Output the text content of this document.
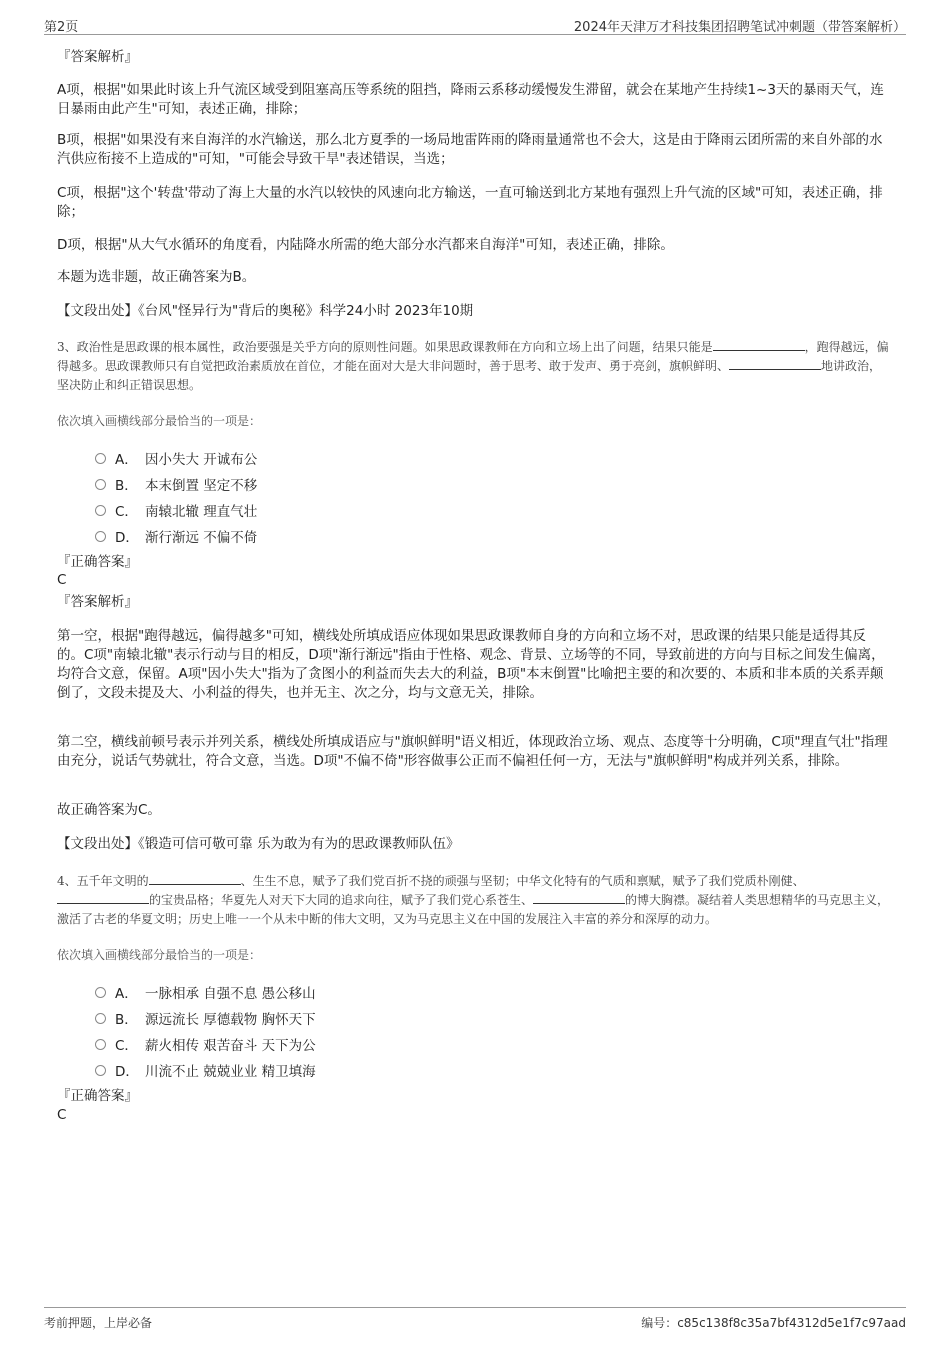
第2页	2024年天津万才科技集团招聘笔试冲刺题（带答案解析）
『答案解析』
A项，根据"如果此时该上升气流区域受到阻塞高压等系统的阻挡，降雨云系移动缓慢发生滞留，就会在某地产生持续1~3天的暴雨天气，连日暴雨由此产生"可知，表述正确，排除；
B项，根据"如果没有来自海洋的水汽输送，那么北方夏季的一场局地雷阵雨的降雨量通常也不会大，这是由于降雨云团所需的来自外部的水汽供应衔接不上造成的"可知，"可能会导致干旱"表述错误，当选；
C项，根据"这个'转盘'带动了海上大量的水汽以较快的风速向北方输送，一直可输送到北方某地有强烈上升气流的区域"可知，表述正确，排除；
D项，根据"从大气水循环的角度看，内陆降水所需的绝大部分水汽都来自海洋"可知，表述正确，排除。
本题为选非题，故正确答案为B。
【文段出处】《台风"怪异行为"背后的奥秘》科学24小时 2023年10期
3、政治性是思政课的根本属性，政治要强是关乎方向的原则性问题。如果思政课教师在方向和立场上出了问题，结果只能是	，跑得越远，偏得越多。思政课教师只有自觉把政治素质放在首位，才能在面对大是大非问题时，善于思考、敢于发声、勇于亮剑，旗帜鲜明、	地讲政治，坚决防止和纠正错误思想。
依次填入画横线部分最恰当的一项是：
A． 因小失大 开诚布公
B． 本末倒置 坚定不移
C． 南辕北辙 理直气壮
D． 渐行渐远 不偏不倚
『正确答案』
C
『答案解析』
第一空，根据"跑得越远，偏得越多"可知，横线处所填成语应体现如果思政课教师自身的方向和立场不对，思政课的结果只能是适得其反的。C项"南辕北辙"表示行动与目的相反，D项"渐行渐远"指由于性格、观念、背景、立场等的不同，导致前进的方向与目标之间发生偏离，均符合文意，保留。A项"因小失大"指为了贪图小的利益而失去大的利益，B项"本末倒置"比喻把主要的和次要的、本质和非本质的关系弄颠倒了，文段未提及大、小利益的得失，也并无主、次之分，均与文意无关，排除。
第二空，横线前顿号表示并列关系，横线处所填成语应与"旗帜鲜明"语义相近，体现政治立场、观点、态度等十分明确，C项"理直气壮"指理由充分，说话气势就壮，符合文意，当选。D项"不偏不倚"形容做事公正而不偏袒任何一方，无法与"旗帜鲜明"构成并列关系，排除。
故正确答案为C。
【文段出处】《锻造可信可敬可靠 乐为敢为有为的思政课教师队伍》
4、五千年文明的	、生生不息，赋予了我们党百折不挠的顽强与坚韧；中华文化特有的气质和禀赋，赋予了我们党质朴刚健、的宝贵品格；华夏先人对天下大同的追求向往，赋予了我们党心系苍生、	的博大胸襟。凝结着人类思想精华的马克思主义，激活了古老的华夏文明；历史上唯一一个从未中断的伟大文明，又为马克思主义在中国的发展注入丰富的养分和深厚的动力。
依次填入画横线部分最恰当的一项是：
A． 一脉相承 自强不息 愚公移山
B． 源远流长 厚德载物 胸怀天下
C． 薪火相传 艰苦奋斗 天下为公
D． 川流不止 兢兢业业 精卫填海
『正确答案』
C
考前押题，上岸必备	编号：c85c138f8c35a7bf4312d5e1f7c97aad
